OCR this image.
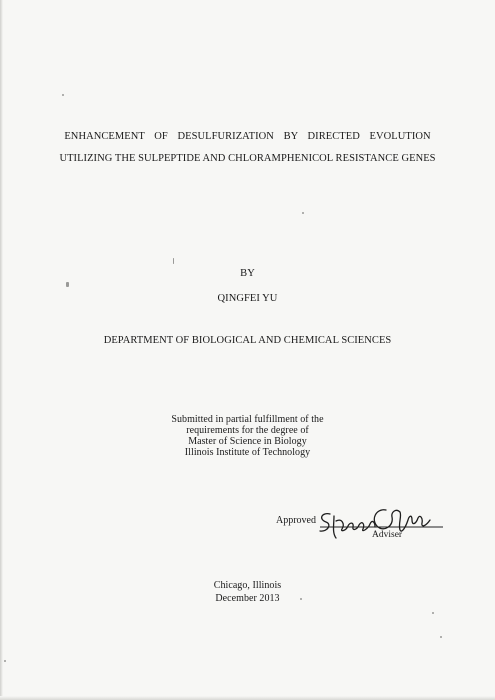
ENHANCEMENT OF DESULFURIZATION BY DIRECTED EVOLUTION
UTILIZING THE SULPEPTIDE AND CHLORAMPHENICOL RESISTANCE GENES
BY
QINGFEI YU
DEPARTMENT OF BIOLOGICAL AND CHEMICAL SCIENCES
Submitted in partial fulfillment of the
requirements for the degree of
Master of Science in Biology
Illinois Institute of Technology
Approved
Adviser
Chicago, Illinois
December 2013
